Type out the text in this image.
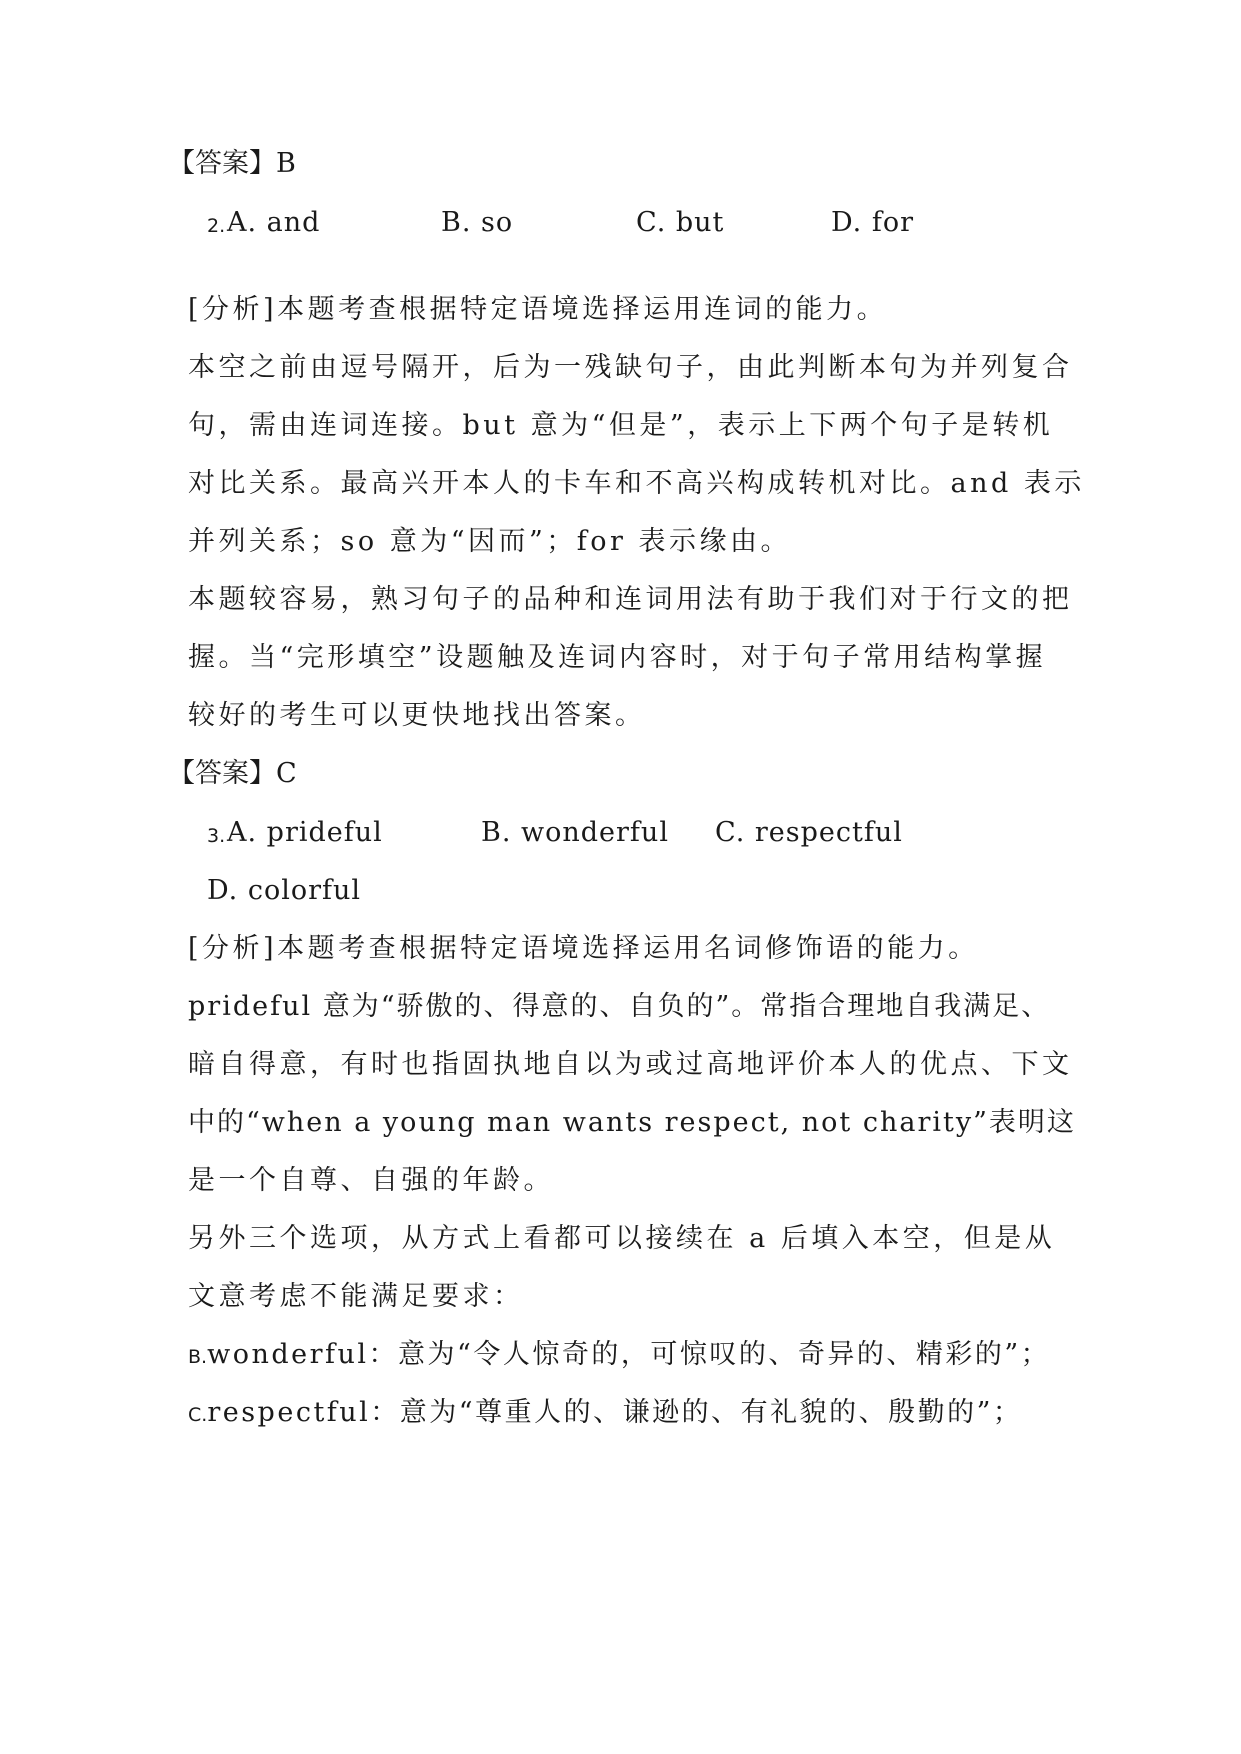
【答案】B
2. A. and	B. so	C. but	D. for
[分析]本题考查根据特定语境选择运用连词的能力。
本空之前由逗号隔开，后为一残缺句子，由此判断本句为并列复合
句，需由连词连接。but 意为“但是”，表示上下两个句子是转机
对比关系。最高兴开本人的卡车和不高兴构成转机对比。and 表示
并列关系；so 意为“因而”；for 表示缘由。
本题较容易，熟习句子的品种和连词用法有助于我们对于行文的把
握。当“完形填空”设题触及连词内容时，对于句子常用结构掌握
较好的考生可以更快地找出答案。
【答案】C
3. A. prideful	B. wonderful C. respectful
D. colorful
[分析]本题考查根据特定语境选择运用名词修饰语的能力。
prideful 意为“骄傲的、得意的、自负的”。常指合理地自我满足、
暗自得意，有时也指固执地自以为或过高地评价本人的优点、下文
中的“when a young man wants respect, not charity”表明这
是一个自尊、自强的年龄。
另外三个选项，从方式上看都可以接续在 a 后填入本空，但是从
文意考虑不能满足要求：
B.wonderful：意为“令人惊奇的，可惊叹的、奇异的、精彩的”；
C.respectful：意为“尊重人的、谦逊的、有礼貌的、殷勤的”；
